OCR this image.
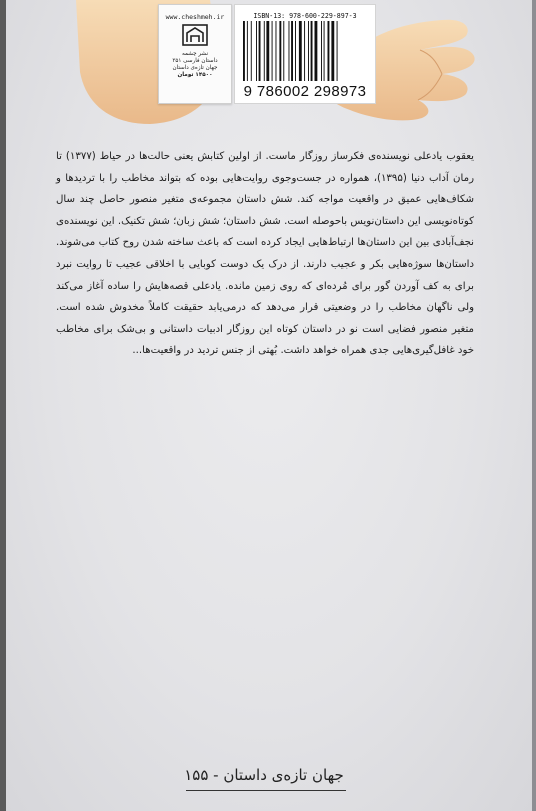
www.cheshmeh.ir
نشر چشمه
داستان فارسی ۳۵۱
جهان تازه‌ی داستان
۱۴۵۰۰ تومان
ISBN-13: 978-600-229-897-3
9 786002 298973

یعقوب یادعلی نویسنده‌ی فکرساز روزگار ماست. از اولین کتابش یعنی حالت‌ها در حیاط (۱۳۷۷) تا رمان آداب دنیا (۱۳۹۵)، همواره در جست‌وجوی روایت‌هایی بوده که بتواند مخاطب را با تردیدها و شکاف‌هایی عمیق در واقعیت مواجه کند. شش داستان مجموعه‌ی متغیر منصور حاصل چند سال کوتاه‌نویسی این داستان‌نویس باحوصله است. شش داستان؛ شش زبان؛ شش تکنیک. این نویسنده‌ی نجف‌آبادی بین این داستان‌ها ارتباط‌هایی ایجاد کرده است که باعث ساخته شدن روح کتاب می‌شوند. داستان‌ها سوژه‌هایی بکر و عجیب دارند. از درک یک دوست کوبایی با اخلاقی عجیب تا روایت نبرد برای به کف آوردن گور برای مُرده‌ای که روی زمین مانده. یادعلی قصه‌هایش را ساده آغاز می‌کند ولی ناگهان مخاطب را در وضعیتی قرار می‌دهد که درمی‌یابد حقیقت کاملاً مخدوش شده است. متغیر منصور فضایی است نو در داستان کوتاه این روزگار ادبیات داستانی و بی‌شک برای مخاطب خود غافل‌گیری‌هایی جدی همراه خواهد داشت. بُهتی از جنس تردید در واقعیت‌ها...

جهان تازه‌ی داستان - ۱۵۵
